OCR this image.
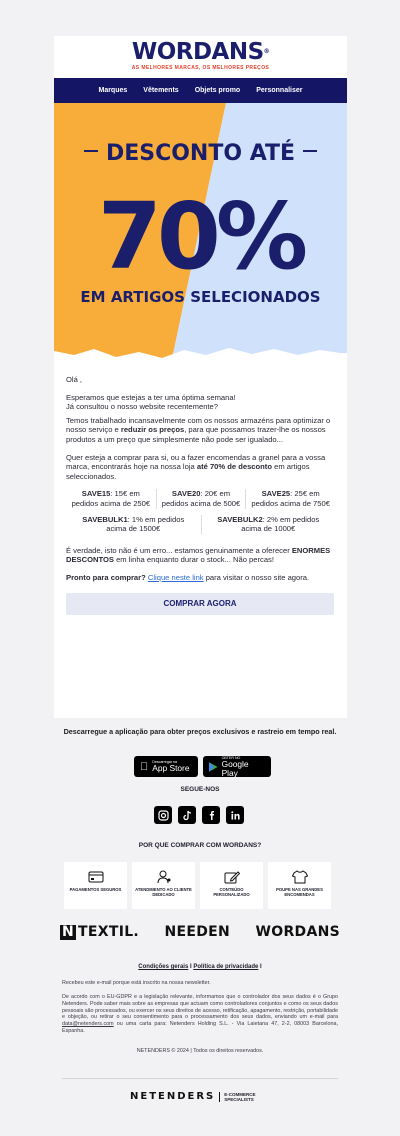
WORDANS®
AS MELHORES MARCAS, OS MELHORES PREÇOS
Marques Vêtements Objets promo Personnaliser
DESCONTO ATÉ
70%
EM ARTIGOS SELECIONADOS

Olá ,

Esperamos que estejas a ter uma óptima semana!
Já consultou o nosso website recentemente?

Temos trabalhado incansavelmente com os nossos armazéns para optimizar o nosso serviço e reduzir os preços, para que possamos trazer-lhe os nossos produtos a um preço que simplesmente não pode ser igualado...

Quer esteja a comprar para si, ou a fazer encomendas a granel para a vossa marca, encontrarás hoje na nossa loja até 70% de desconto em artigos seleccionados.

SAVE15: 15€ em pedidos acima de 250€
SAVE20: 20€ em pedidos acima de 500€
SAVE25: 25€ em pedidos acima de 750€
SAVEBULK1: 1% em pedidos acima de 1500€
SAVEBULK2: 2% em pedidos acima de 1000€

É verdade, isto não é um erro... estamos genuinamente a oferecer ENORMES DESCONTOS em linha enquanto durar o stock... Não percas!

Pronto para comprar? Clique neste link para visitar o nosso site agora.

COMPRAR AGORA
Descarregue a aplicação para obter preços exclusivos e rastreio em tempo real.
Descarregar na
App Store
OBTER NO
Google Play
SEGUE-NOS
POR QUE COMPRAR COM WORDANS?
PAGAMENTOS SEGUROS	ATENDIMENTO AO CLIENTE DEDICADO
CONTEÚDO PERSONALIZADO
POUPE NAS GRANDES ENCOMENDAS
N TEXTIL. NEEDEN WORDANS
Condições gerais I Política de privacidade I
Recebeu este e-mail porque está inscrito na nossa newsletter.
De acordo com o EU-GDPR e a legislação relevante, informamos que o controlador dos seus dados é o Grupo Netenders. Pode saber mais sobre as empresas que actuam como controladores conjuntos e como os seus dados pessoais são processados, ou exercer os seus direitos de acesso, retificação, apagamento, restrição, portabilidade e objeção, ou retirar o seu consentimento para o processamento dos seus dados, enviando um e-mail para data@netenders.com ou uma carta para: Netenders Holding S.L. - Via Laietana 47, 2-2, 08003 Barcelona, Espanha.
NETENDERS © 2024 | Todos os direitos reservados.
NETENDERS	E-COMMERCE
SPECIALISTS
